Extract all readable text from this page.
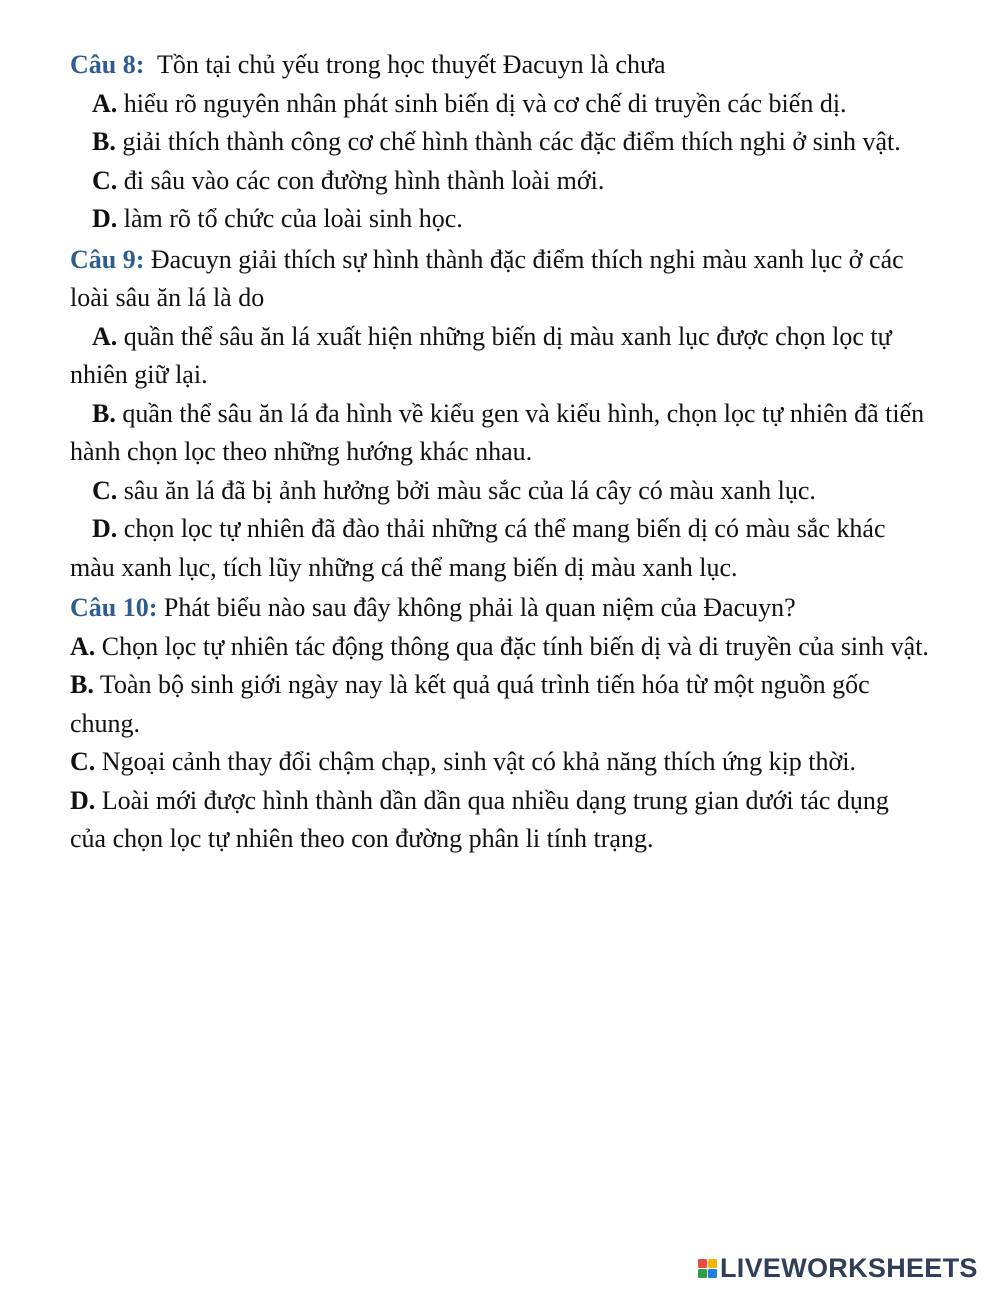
Câu 8: Tồn tại chủ yếu trong học thuyết Đacuyn là chưa

A. hiểu rõ nguyên nhân phát sinh biến dị và cơ chế di truyền các biến dị.

B. giải thích thành công cơ chế hình thành các đặc điểm thích nghi ở sinh vật.

C. đi sâu vào các con đường hình thành loài mới.

D. làm rõ tổ chức của loài sinh học.

Câu 9: Đacuyn giải thích sự hình thành đặc điểm thích nghi màu xanh lục ở các loài sâu ăn lá là do

A. quần thể sâu ăn lá xuất hiện những biến dị màu xanh lục được chọn lọc tự nhiên giữ lại.

B. quần thể sâu ăn lá đa hình về kiểu gen và kiểu hình, chọn lọc tự nhiên đã tiến hành chọn lọc theo những hướng khác nhau.

C. sâu ăn lá đã bị ảnh hưởng bởi màu sắc của lá cây có màu xanh lục.

D. chọn lọc tự nhiên đã đào thải những cá thể mang biến dị có màu sắc khác màu xanh lục, tích lũy những cá thể mang biến dị màu xanh lục.

Câu 10: Phát biểu nào sau đây không phải là quan niệm của Đacuyn?

A. Chọn lọc tự nhiên tác động thông qua đặc tính biến dị và di truyền của sinh vật.

B. Toàn bộ sinh giới ngày nay là kết quả quá trình tiến hóa từ một nguồn gốc chung.

C. Ngoại cảnh thay đổi chậm chạp, sinh vật có khả năng thích ứng kịp thời.

D. Loài mới được hình thành dần dần qua nhiều dạng trung gian dưới tác dụng của chọn lọc tự nhiên theo con đường phân li tính trạng.

LIVEWORKSHEETS
